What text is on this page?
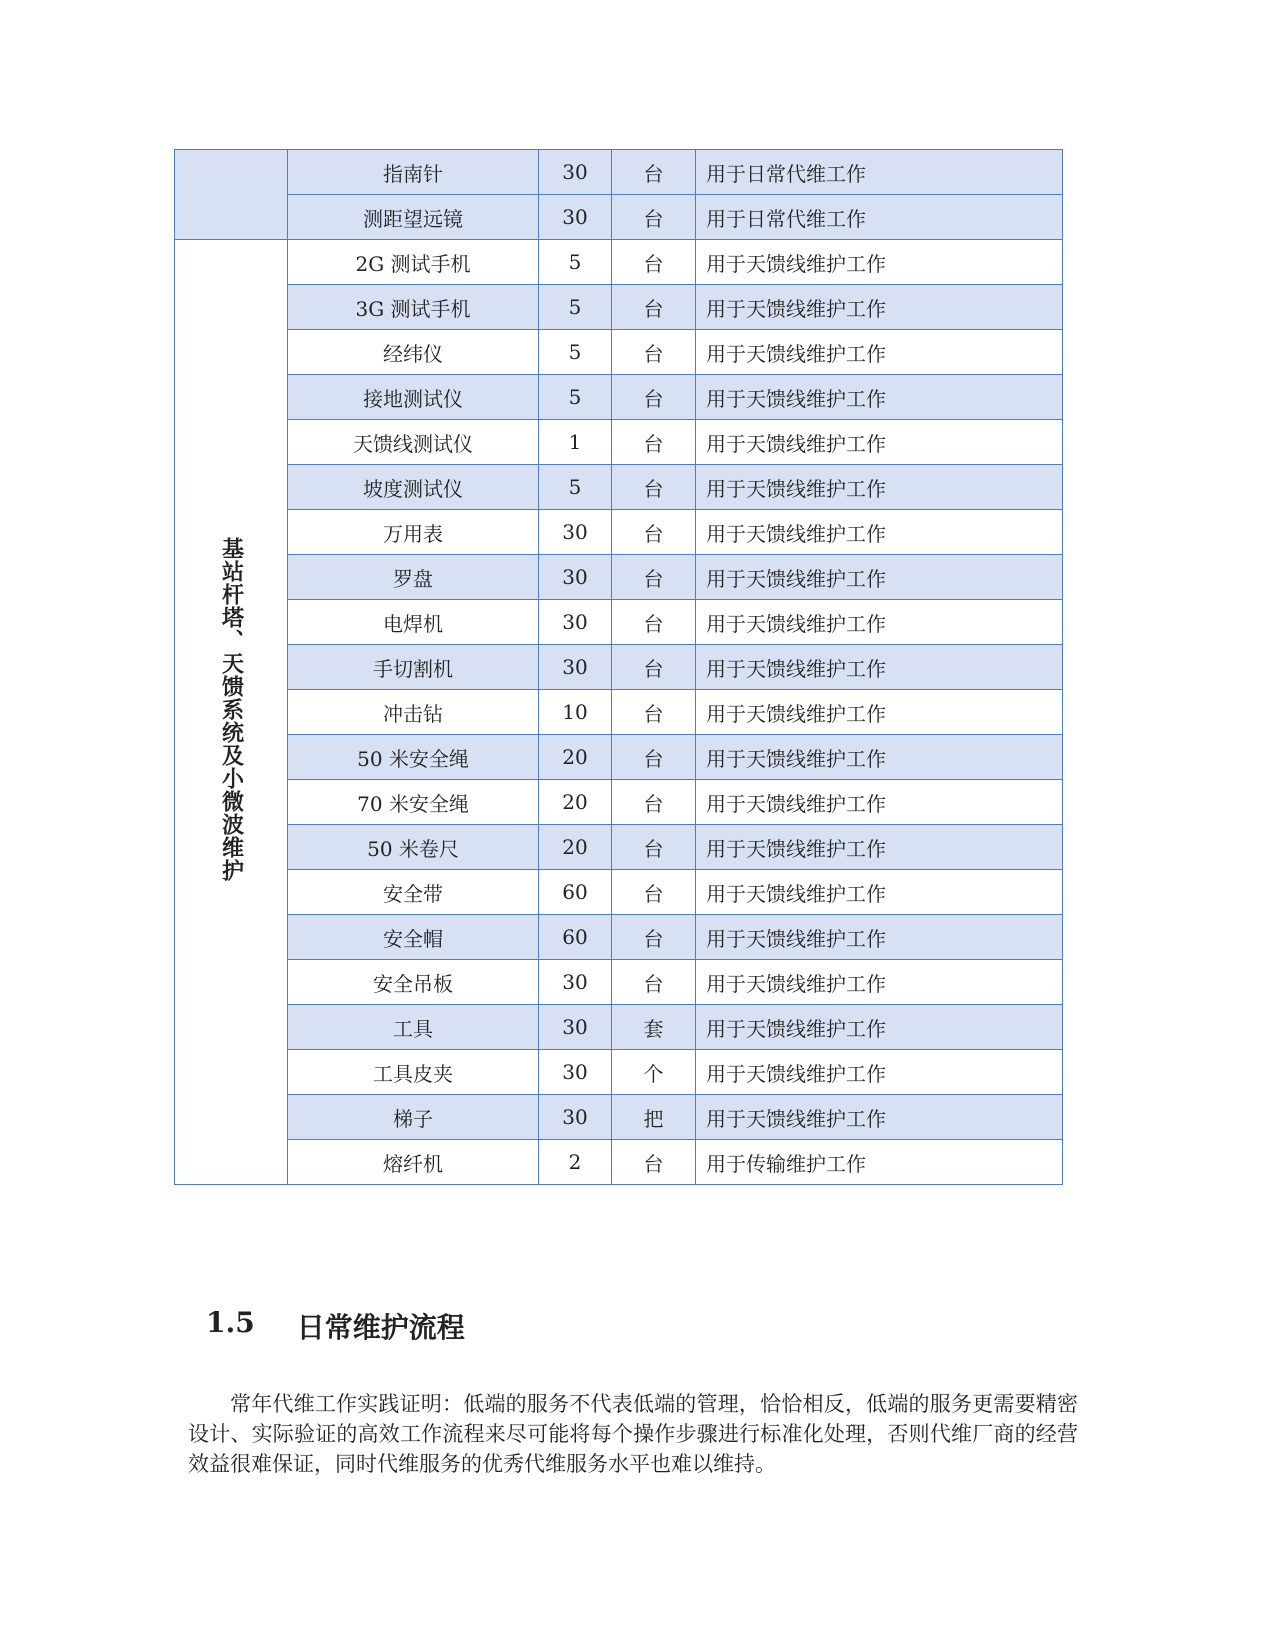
	指南针	30	台	用于日常代维工作
	测距望远镜	30	台	用于日常代维工作
基站杆塔、天馈系统及小微波维护	2G 测试手机	5	台	用于天馈线维护工作
	3G 测试手机	5	台	用于天馈线维护工作
	经纬仪	5	台	用于天馈线维护工作
	接地测试仪	5	台	用于天馈线维护工作
	天馈线测试仪	1	台	用于天馈线维护工作
	坡度测试仪	5	台	用于天馈线维护工作
	万用表	30	台	用于天馈线维护工作
	罗盘	30	台	用于天馈线维护工作
	电焊机	30	台	用于天馈线维护工作
	手切割机	30	台	用于天馈线维护工作
	冲击钻	10	台	用于天馈线维护工作
	50 米安全绳	20	台	用于天馈线维护工作
	70 米安全绳	20	台	用于天馈线维护工作
	50 米卷尺	20	台	用于天馈线维护工作
	安全带	60	台	用于天馈线维护工作
	安全帽	60	台	用于天馈线维护工作
	安全吊板	30	台	用于天馈线维护工作
	工具	30	套	用于天馈线维护工作
	工具皮夹	30	个	用于天馈线维护工作
	梯子	30	把	用于天馈线维护工作
	熔纤机	2	台	用于传输维护工作
1.5 日常维护流程

常年代维工作实践证明：低端的服务不代表低端的管理，恰恰相反，低端的服务更需要精密设计、实际验证的高效工作流程来尽可能将每个操作步骤进行标准化处理，否则代维厂商的经营效益很难保证，同时代维服务的优秀代维服务水平也难以维持。
